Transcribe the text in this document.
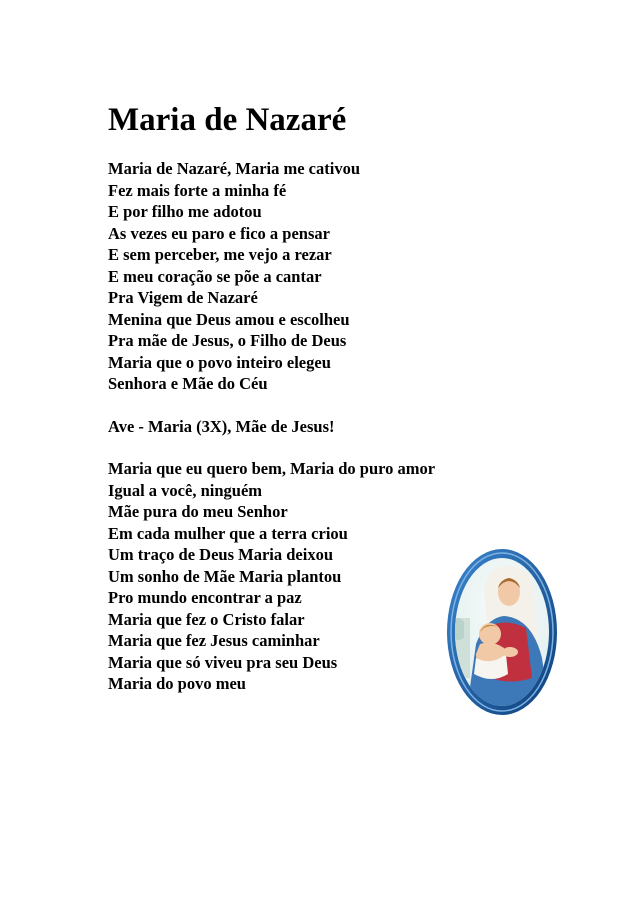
Maria de Nazaré
Maria de Nazaré, Maria me cativou
Fez mais forte a minha fé
E por filho me adotou
As vezes eu paro e fico a pensar
E sem perceber, me vejo a rezar
E meu coração se põe a cantar
Pra Vigem de Nazaré
Menina que Deus amou e escolheu
Pra mãe de Jesus, o Filho de Deus
Maria que o povo inteiro elegeu
Senhora e Mãe do Céu
Ave - Maria (3X), Mãe de Jesus!
Maria que eu quero bem, Maria do puro amor
Igual a você, ninguém
Mãe pura do meu Senhor
Em cada mulher que a terra criou
Um traço de Deus Maria deixou
Um sonho de Mãe Maria plantou
Pro mundo encontrar a paz
Maria que fez o Cristo falar
Maria que fez Jesus caminhar
Maria que só viveu pra seu Deus
Maria do povo meu
